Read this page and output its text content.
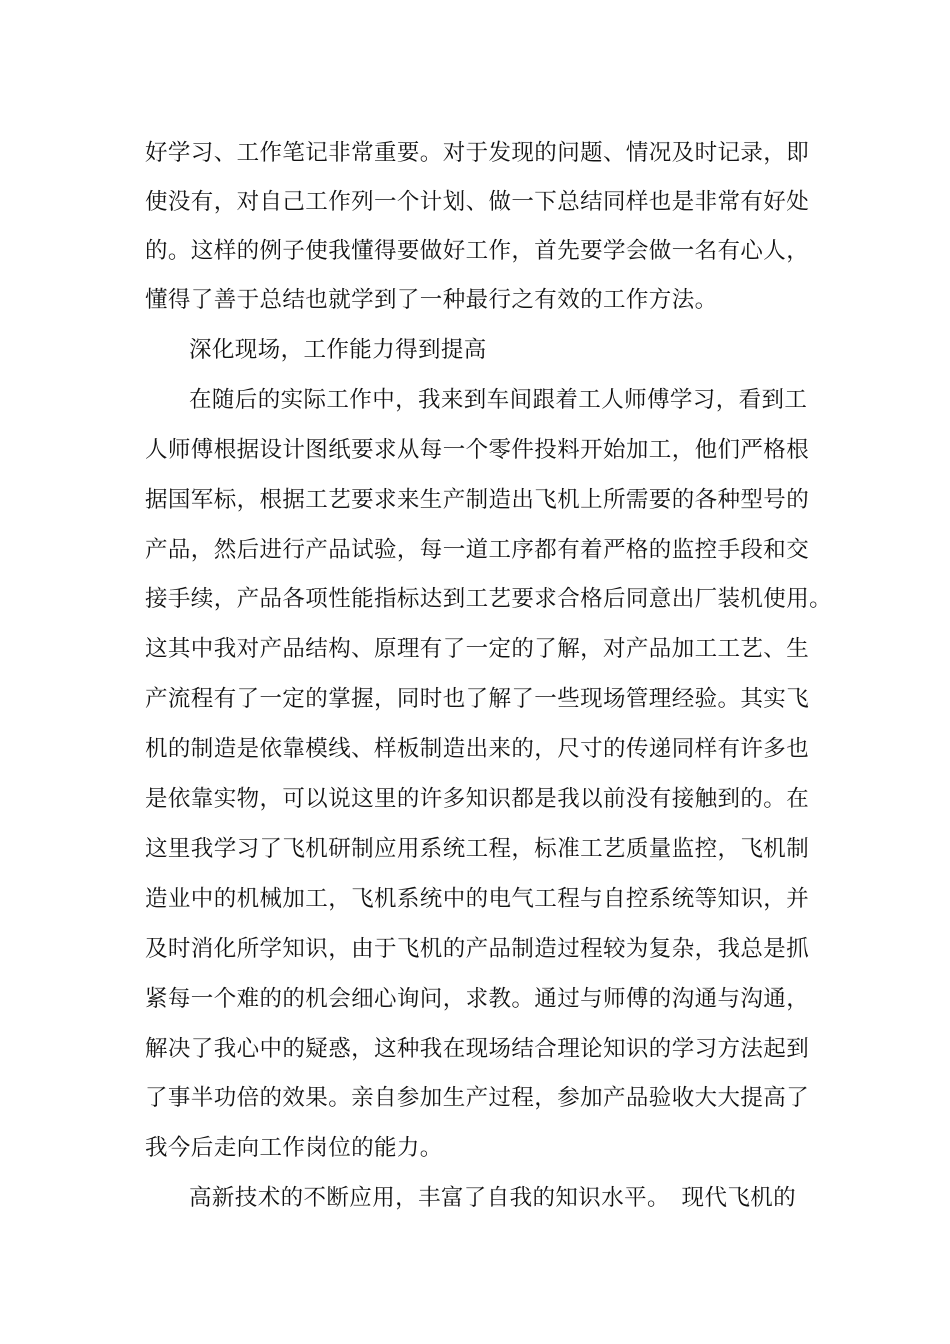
好学习、工作笔记非常重要。对于发现的问题、情况及时记录，即
使没有，对自己工作列一个计划、做一下总结同样也是非常有好处
的。这样的例子使我懂得要做好工作，首先要学会做一名有心人，
懂得了善于总结也就学到了一种最行之有效的工作方法。
深化现场，工作能力得到提高
在随后的实际工作中，我来到车间跟着工人师傅学习，看到工
人师傅根据设计图纸要求从每一个零件投料开始加工，他们严格根
据国军标，根据工艺要求来生产制造出飞机上所需要的各种型号的
产品，然后进行产品试验，每一道工序都有着严格的监控手段和交
接手续，产品各项性能指标达到工艺要求合格后同意出厂装机使用。
这其中我对产品结构、原理有了一定的了解，对产品加工工艺、生
产流程有了一定的掌握，同时也了解了一些现场管理经验。其实飞
机的制造是依靠模线、样板制造出来的，尺寸的传递同样有许多也
是依靠实物，可以说这里的许多知识都是我以前没有接触到的。在
这里我学习了飞机研制应用系统工程，标准工艺质量监控，飞机制
造业中的机械加工，飞机系统中的电气工程与自控系统等知识，并
及时消化所学知识，由于飞机的产品制造过程较为复杂，我总是抓
紧每一个难的的机会细心询问，求教。通过与师傅的沟通与沟通，
解决了我心中的疑惑，这种我在现场结合理论知识的学习方法起到
了事半功倍的效果。亲自参加生产过程，参加产品验收大大提高了
我今后走向工作岗位的能力。
高新技术的不断应用，丰富了自我的知识水平。　现代飞机的
